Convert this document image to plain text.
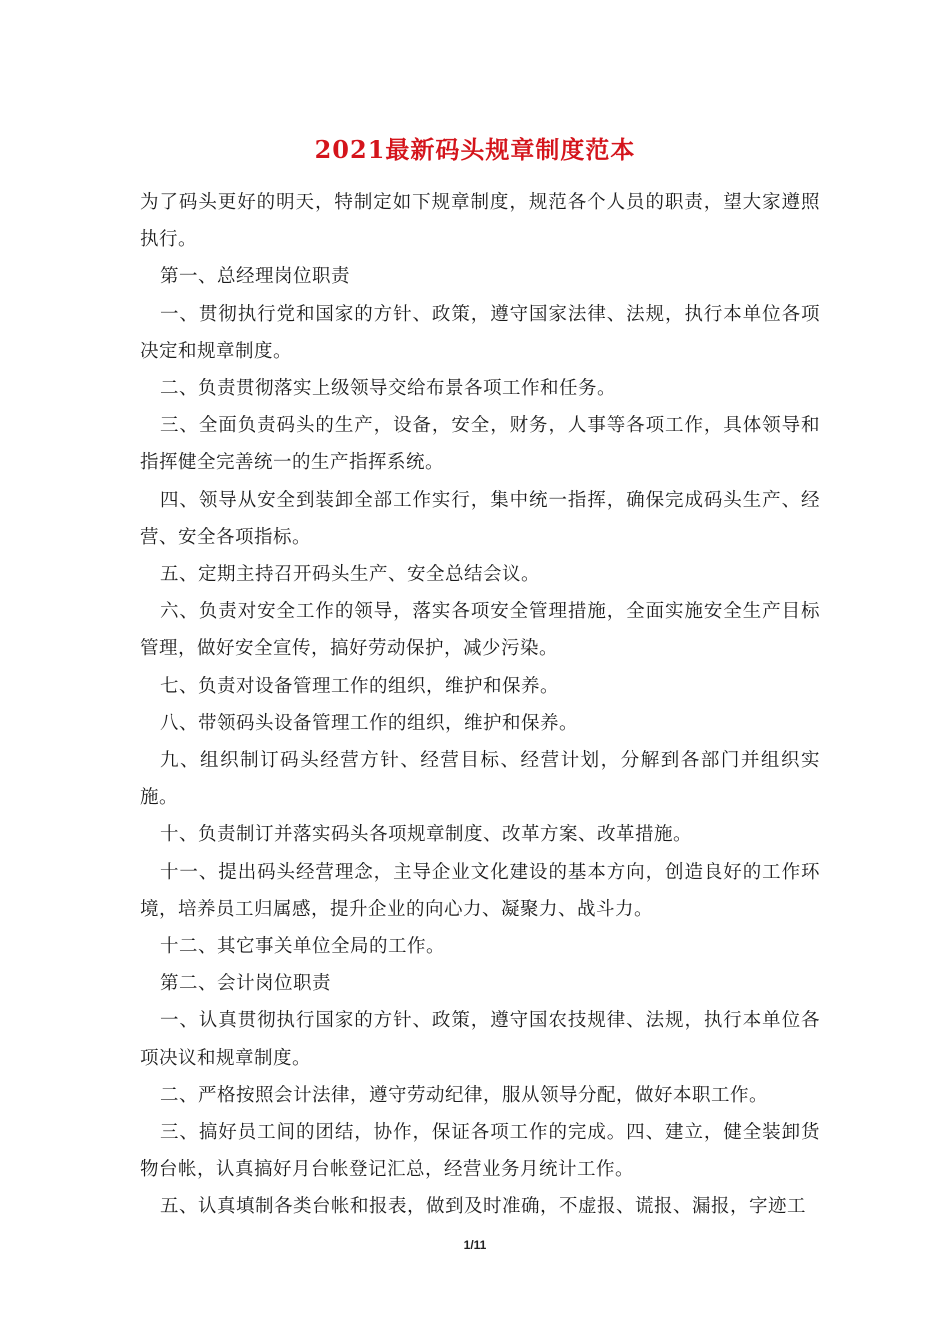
2021最新码头规章制度范本

为了码头更好的明天，特制定如下规章制度，规范各个人员的职责，望大家遵照执行。

第一、总经理岗位职责

一、贯彻执行党和国家的方针、政策，遵守国家法律、法规，执行本单位各项决定和规章制度。

二、负责贯彻落实上级领导交给布景各项工作和任务。

三、全面负责码头的生产，设备，安全，财务，人事等各项工作，具体领导和指挥健全完善统一的生产指挥系统。

四、领导从安全到装卸全部工作实行，集中统一指挥，确保完成码头生产、经营、安全各项指标。

五、定期主持召开码头生产、安全总结会议。

六、负责对安全工作的领导，落实各项安全管理措施，全面实施安全生产目标管理，做好安全宣传，搞好劳动保护，减少污染。

七、负责对设备管理工作的组织，维护和保养。

八、带领码头设备管理工作的组织，维护和保养。

九、组织制订码头经营方针、经营目标、经营计划，分解到各部门并组织实施。

十、负责制订并落实码头各项规章制度、改革方案、改革措施。

十一、提出码头经营理念，主导企业文化建设的基本方向，创造良好的工作环境，培养员工归属感，提升企业的向心力、凝聚力、战斗力。

十二、其它事关单位全局的工作。

第二、会计岗位职责

一、认真贯彻执行国家的方针、政策，遵守国农技规律、法规，执行本单位各项决议和规章制度。

二、严格按照会计法律，遵守劳动纪律，服从领导分配，做好本职工作。

三、搞好员工间的团结，协作，保证各项工作的完成。四、建立，健全装卸货物台帐，认真搞好月台帐登记汇总，经营业务月统计工作。

五、认真填制各类台帐和报表，做到及时准确，不虚报、谎报、漏报，字迹工

1/11
